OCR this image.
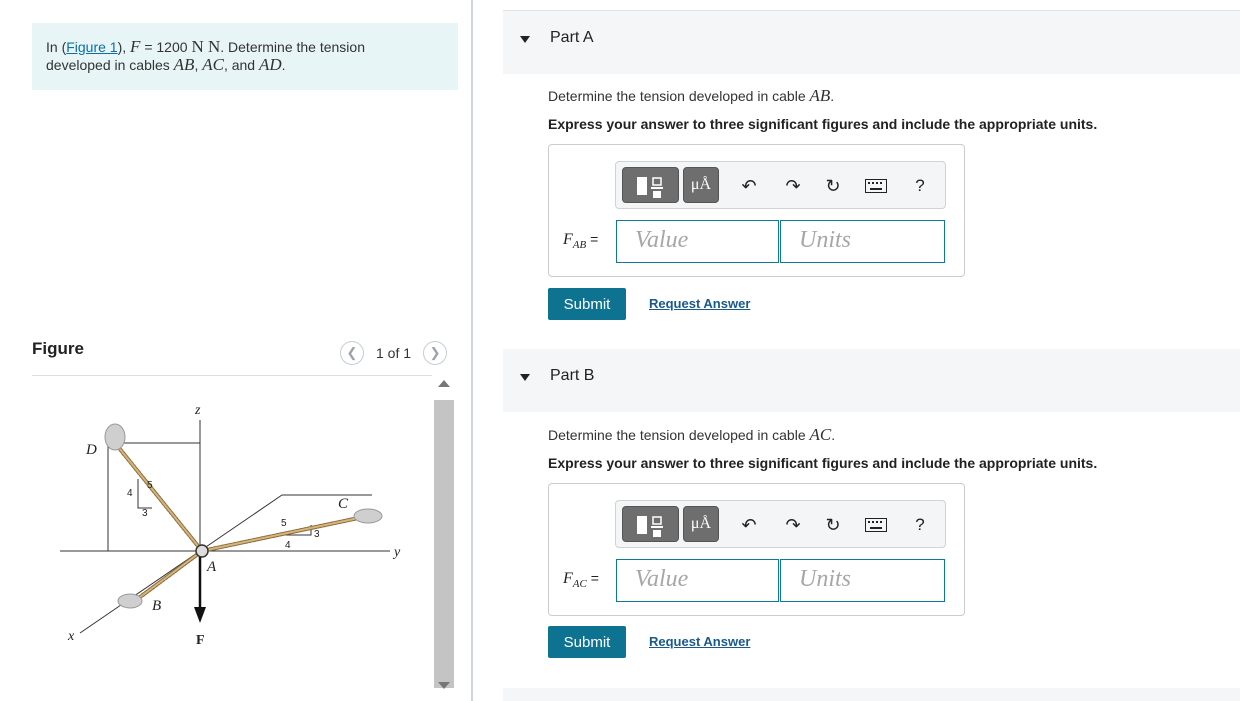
In (Figure 1), F = 1200 N N. Determine the tension
developed in cables AB, AC, and AD.
Figure	❮	1 of 1	❯
z
y
x
D
B
A
C
F
5
4
3
5
4
3
Part A
Determine the tension developed in cable AB.
Express your answer to three significant figures and include the appropriate units.
μÅ	↶ ↷ ↻	?
$F_{AB}$ =	Value	Units
Submit	Request Answer
Part B
Determine the tension developed in cable AC.
Express your answer to three significant figures and include the appropriate units.
μÅ	↶ ↷ ↻	?
$F_{AC}$ =	Value	Units
Submit	Request Answer
